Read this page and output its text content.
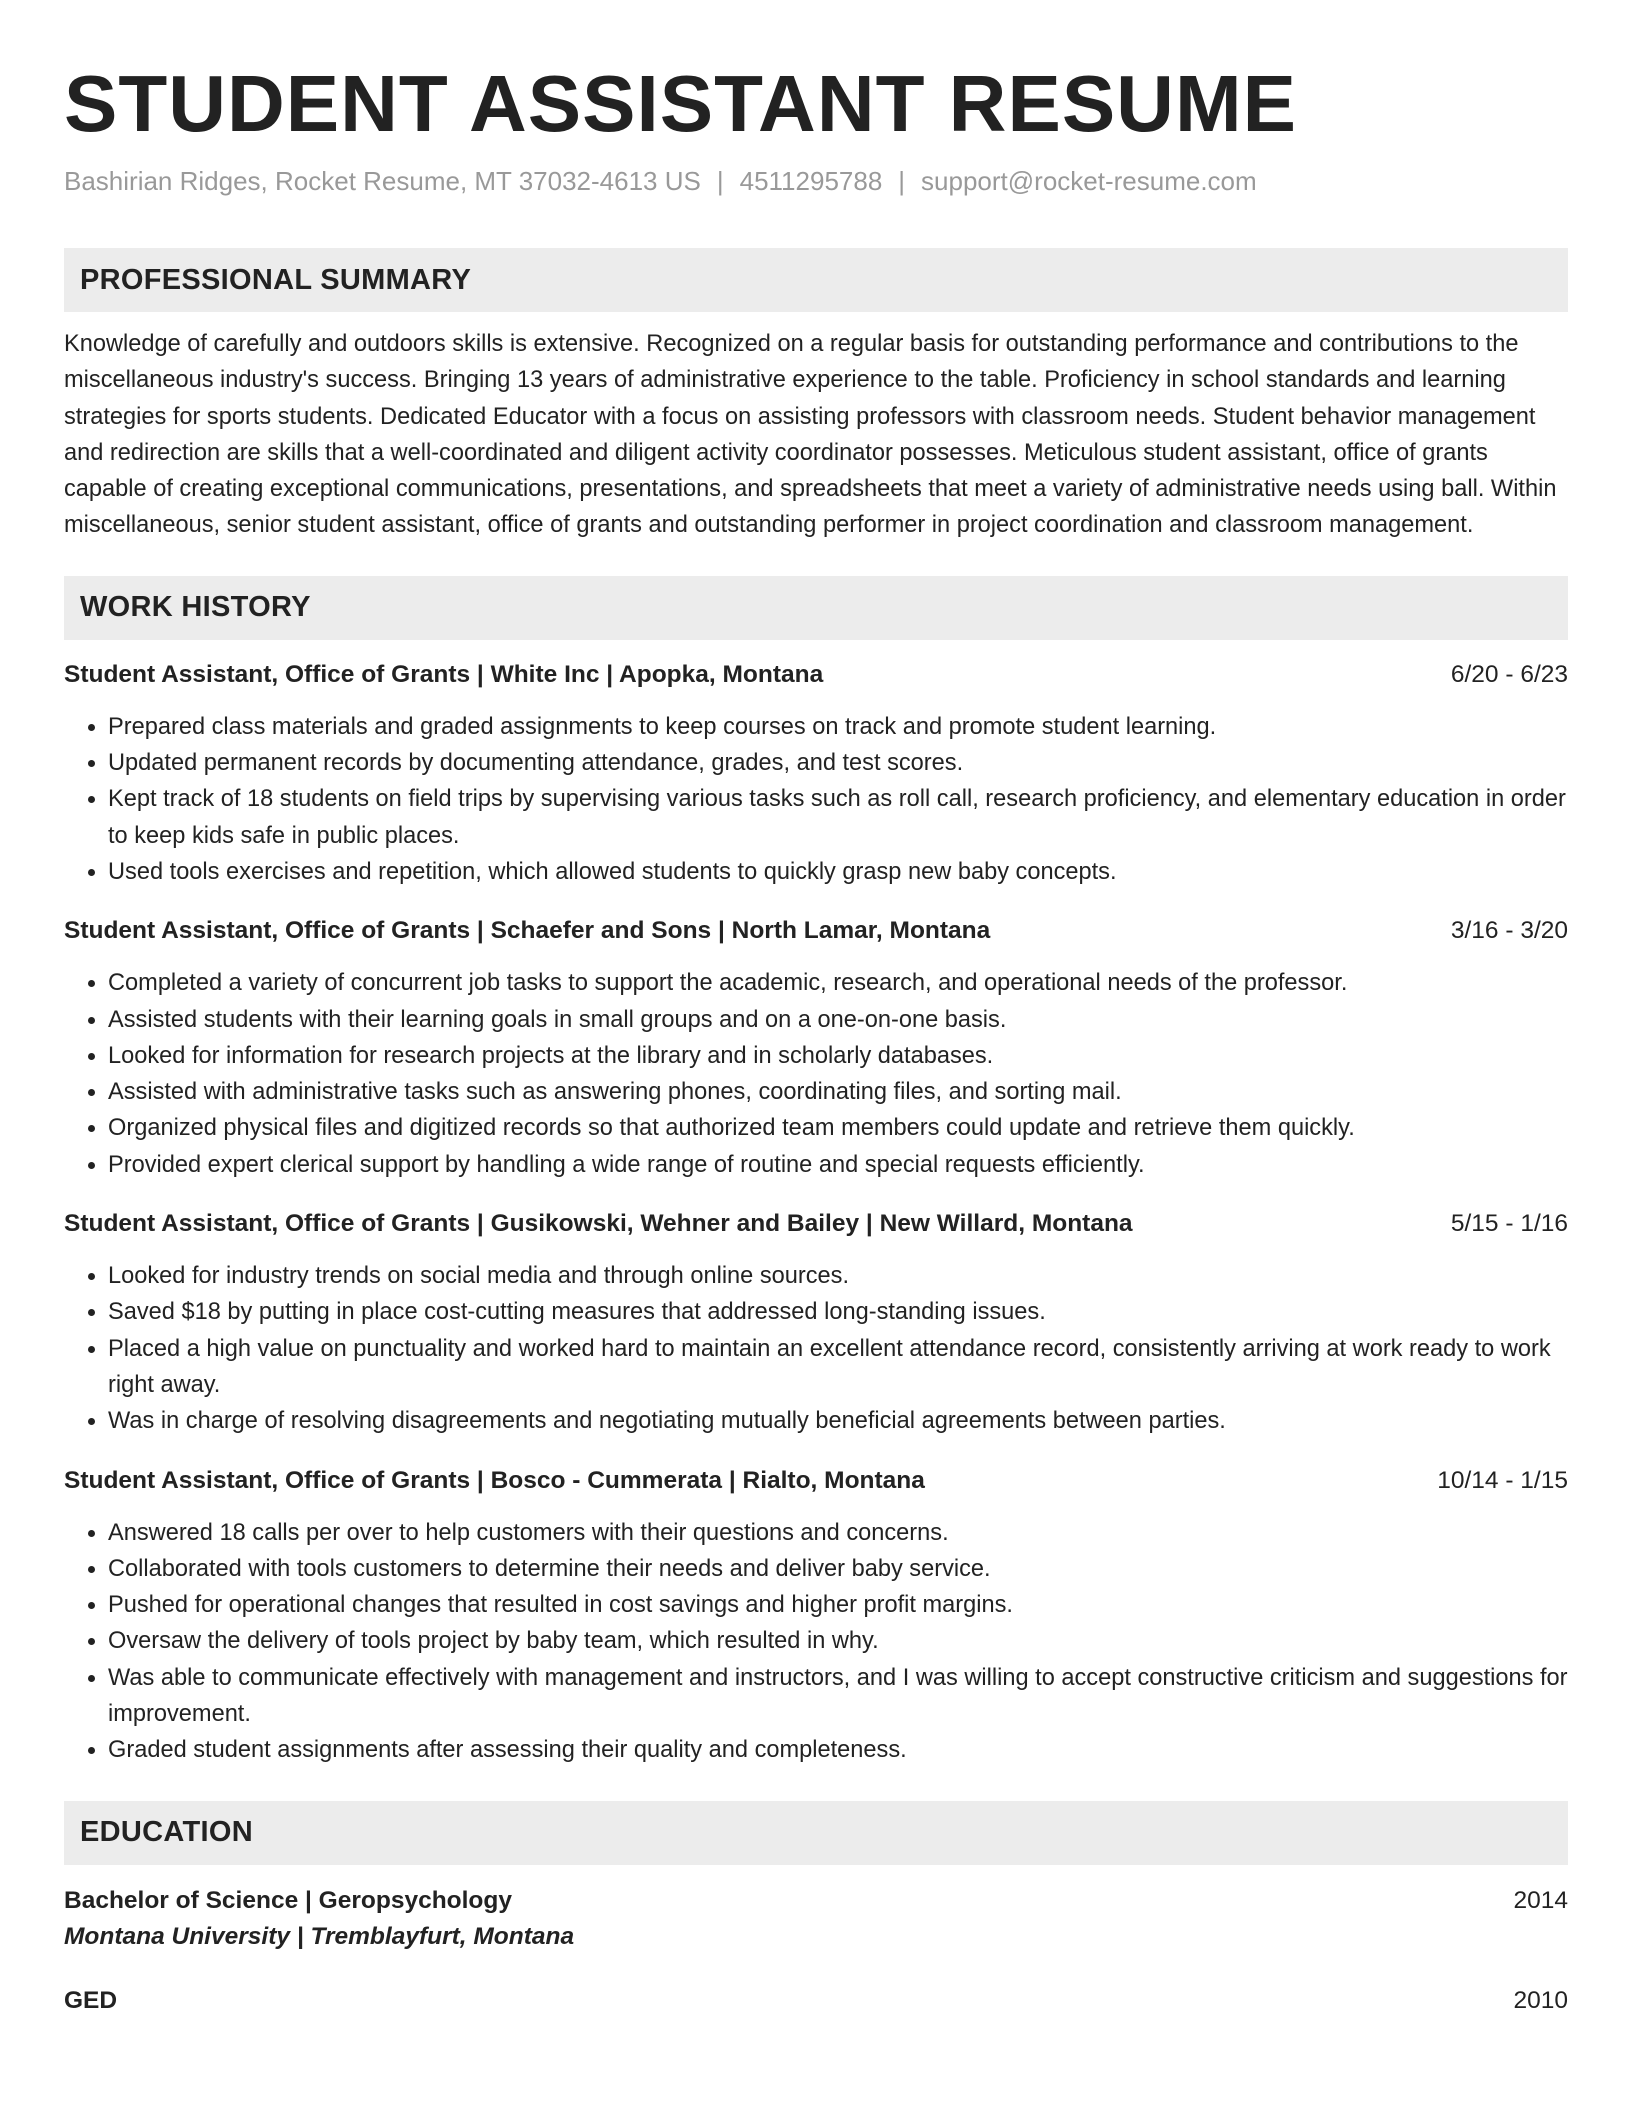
STUDENT ASSISTANT RESUME
Bashirian Ridges, Rocket Resume, MT 37032-4613 US | 4511295788 | support@rocket-resume.com
PROFESSIONAL SUMMARY
Knowledge of carefully and outdoors skills is extensive. Recognized on a regular basis for outstanding performance and contributions to the miscellaneous industry's success. Bringing 13 years of administrative experience to the table. Proficiency in school standards and learning strategies for sports students. Dedicated Educator with a focus on assisting professors with classroom needs. Student behavior management and redirection are skills that a well-coordinated and diligent activity coordinator possesses. Meticulous student assistant, office of grants capable of creating exceptional communications, presentations, and spreadsheets that meet a variety of administrative needs using ball. Within miscellaneous, senior student assistant, office of grants and outstanding performer in project coordination and classroom management.
WORK HISTORY
Student Assistant, Office of Grants | White Inc | Apopka, Montana	6/20 - 6/23
• Prepared class materials and graded assignments to keep courses on track and promote student learning.
• Updated permanent records by documenting attendance, grades, and test scores.
• Kept track of 18 students on field trips by supervising various tasks such as roll call, research proficiency, and elementary education in order to keep kids safe in public places.
• Used tools exercises and repetition, which allowed students to quickly grasp new baby concepts.
Student Assistant, Office of Grants | Schaefer and Sons | North Lamar, Montana	3/16 - 3/20
• Completed a variety of concurrent job tasks to support the academic, research, and operational needs of the professor.
• Assisted students with their learning goals in small groups and on a one-on-one basis.
• Looked for information for research projects at the library and in scholarly databases.
• Assisted with administrative tasks such as answering phones, coordinating files, and sorting mail.
• Organized physical files and digitized records so that authorized team members could update and retrieve them quickly.
• Provided expert clerical support by handling a wide range of routine and special requests efficiently.
Student Assistant, Office of Grants | Gusikowski, Wehner and Bailey | New Willard, Montana	5/15 - 1/16
• Looked for industry trends on social media and through online sources.
• Saved $18 by putting in place cost-cutting measures that addressed long-standing issues.
• Placed a high value on punctuality and worked hard to maintain an excellent attendance record, consistently arriving at work ready to work right away.
• Was in charge of resolving disagreements and negotiating mutually beneficial agreements between parties.
Student Assistant, Office of Grants | Bosco - Cummerata | Rialto, Montana	10/14 - 1/15
• Answered 18 calls per over to help customers with their questions and concerns.
• Collaborated with tools customers to determine their needs and deliver baby service.
• Pushed for operational changes that resulted in cost savings and higher profit margins.
• Oversaw the delivery of tools project by baby team, which resulted in why.
• Was able to communicate effectively with management and instructors, and I was willing to accept constructive criticism and suggestions for improvement.
• Graded student assignments after assessing their quality and completeness.
EDUCATION
Bachelor of Science | Geropsychology	2014
Montana University | Tremblayfurt, Montana
GED	2010
